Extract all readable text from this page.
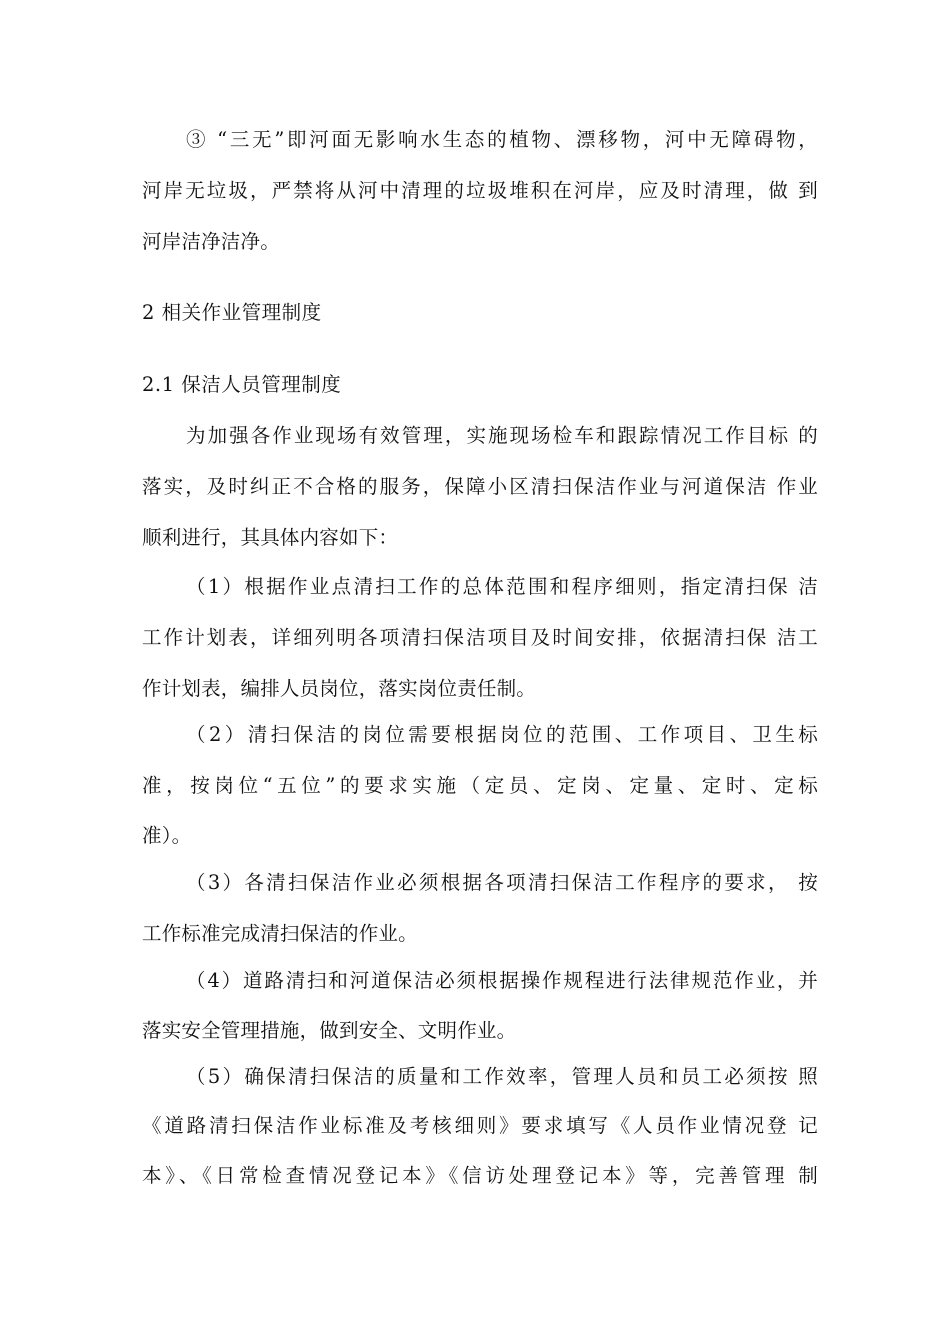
③ “三无”即河面无影响水生态的植物、漂移物，河中无障碍物，
河岸无垃圾，严禁将从河中清理的垃圾堆积在河岸，应及时清理，做 到
河岸洁净洁净。
2 相关作业管理制度
2.1 保洁人员管理制度
为加强各作业现场有效管理，实施现场检车和跟踪情况工作目标 的
落实，及时纠正不合格的服务，保障小区清扫保洁作业与河道保洁 作业
顺利进行，其具体内容如下：
（1）根据作业点清扫工作的总体范围和程序细则，指定清扫保 洁
工作计划表，详细列明各项清扫保洁项目及时间安排，依据清扫保 洁工
作计划表，编排人员岗位，落实岗位责任制。
（2）清扫保洁的岗位需要根据岗位的范围、工作项目、卫生标
准，按岗位“五位”的要求实施（定员、定岗、定量、定时、定标
准）。
（3）各清扫保洁作业必须根据各项清扫保洁工作程序的要求， 按
工作标准完成清扫保洁的作业。
（4）道路清扫和河道保洁必须根据操作规程进行法律规范作业，并
落实安全管理措施，做到安全、文明作业。
（5）确保清扫保洁的质量和工作效率，管理人员和员工必须按 照
《道路清扫保洁作业标准及考核细则》要求填写《人员作业情况登 记
本》、《日常检查情况登记本》《信访处理登记本》等，完善管理 制
